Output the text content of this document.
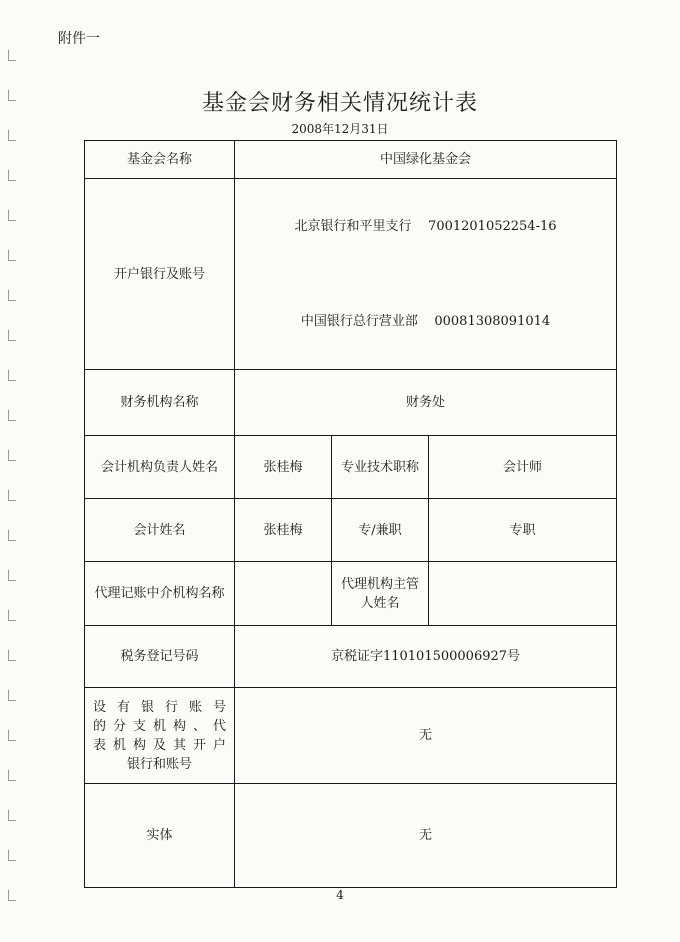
附件一
基金会财务相关情况统计表
2008年12月31日
基金会名称	中国绿化基金会		
开户银行及账号	北京银行和平里支行    7001201052254-16

中国银行总行营业部    00081308091014		

财务机构名称	财务处		
会计机构负责人姓名	张桂梅	专业技术职称	会计师
会计姓名	张桂梅	专/兼职	专职
代理记账中介机构名称		代理机构主管人姓名	
税务登记号码	京税证字110101500006927号		

设有银行账号
的分支机构、代
表机构及其开户
银行和账号	无		
实体	无		
4
